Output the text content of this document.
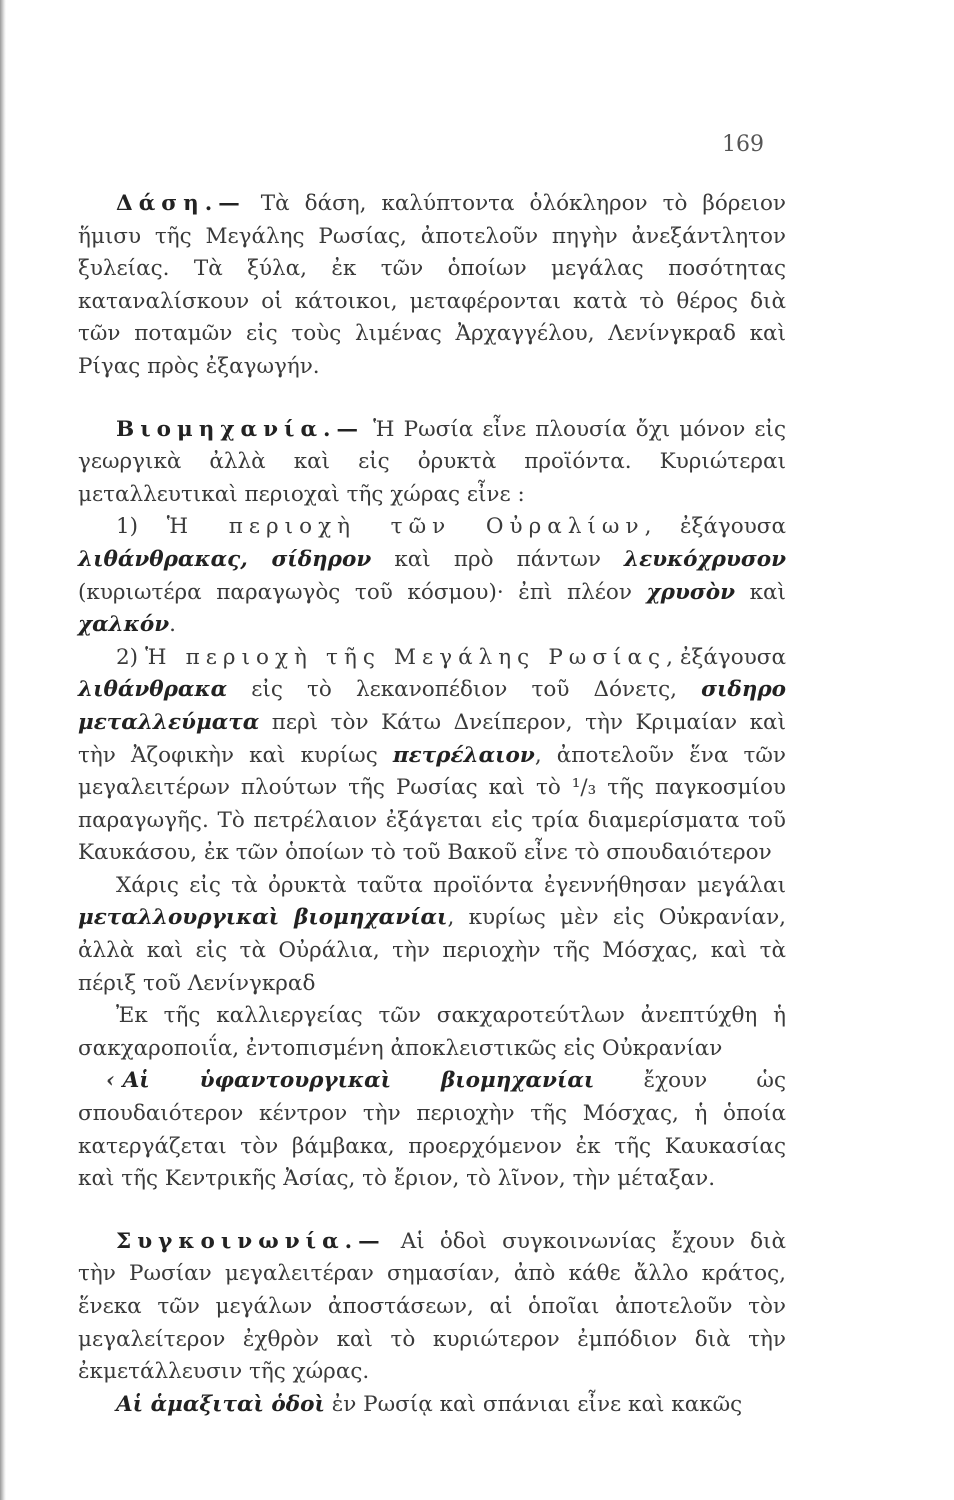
169

Δάση.— Τὰ δάση, καλύπτοντα ὁλόκληρον τὸ βόρειον ἥμισυ τῆς Μεγάλης Ρωσίας, ἀποτελοῦν πηγὴν ἀνεξάντλητον ξυλείας. Τὰ ξύλα, ἐκ τῶν ὁποίων μεγάλας ποσότητας καταναλίσκουν οἱ κάτοικοι, μεταφέρονται κατὰ τὸ θέρος διὰ τῶν ποταμῶν εἰς τοὺς λιμένας Ἀρχαγγέλου, Λενίνγκραδ καὶ Ρίγας πρὸς ἐξαγωγήν.

Βιομηχανία.— Ἡ Ρωσία εἶνε πλουσία ὄχι μόνον εἰς γεωργικὰ ἀλλὰ καὶ εἰς ὀρυκτὰ προϊόντα. Κυριώτεραι μεταλλευτικαὶ περιοχαὶ τῆς χώρας εἶνε :

1) Ἡ περιοχὴ τῶν Οὐραλίων, ἐξάγουσα λιθάνθρακας, σίδηρον καὶ πρὸ πάντων λευκόχρυσον (κυριωτέρα παραγωγὸς τοῦ κόσμου)· ἐπὶ πλέον χρυσὸν καὶ χαλκόν.

2) Ἡ περιοχὴ τῆς Μεγάλης Ρωσίας, ἐξάγουσα λιθάνθρακα εἰς τὸ λεκανοπέδιον τοῦ Δόνετς, σιδηρο μεταλλεύματα περὶ τὸν Κάτω Δνείπερον, τὴν Κριμαίαν καὶ τὴν Ἀζοφικὴν καὶ κυρίως πετρέλαιον, ἀποτελοῦν ἕνα τῶν μεγαλειτέρων πλούτων τῆς Ρωσίας καὶ τὸ ¹/₃ τῆς παγκοσμίου παραγωγῆς. Τὸ πετρέλαιον ἐξάγεται εἰς τρία διαμερίσματα τοῦ Καυκάσου, ἐκ τῶν ὁποίων τὸ τοῦ Βακοῦ εἶνε τὸ σπουδαιότερον

Χάρις εἰς τὰ ὀρυκτὰ ταῦτα προϊόντα ἐγεννήθησαν μεγάλαι μεταλλουργικαὶ βιομηχανίαι, κυρίως μὲν εἰς Οὐκρανίαν, ἀλλὰ καὶ εἰς τὰ Οὐράλια, τὴν περιοχὴν τῆς Μόσχας, καὶ τὰ πέριξ τοῦ Λενίνγκραδ

Ἐκ τῆς καλλιεργείας τῶν σακχαροτεύτλων ἀνεπτύχθη ἡ σακχαροποιΐα, ἐντοπισμένη ἀποκλειστικῶς εἰς Οὐκρανίαν

‹ Αἱ ὑφαντουργικαὶ βιομηχανίαι ἔχουν ὡς σπουδαιότερον κέντρον τὴν περιοχὴν τῆς Μόσχας, ἡ ὁποία κατεργάζεται τὸν βάμβακα, προερχόμενον ἐκ τῆς Καυκασίας καὶ τῆς Κεντρικῆς Ἀσίας, τὸ ἔριον, τὸ λῖνον, τὴν μέταξαν.

Συγκοινωνία.— Αἱ ὁδοὶ συγκοινωνίας ἔχουν διὰ τὴν Ρωσίαν μεγαλειτέραν σημασίαν, ἀπὸ κάθε ἄλλο κράτος, ἕνεκα τῶν μεγάλων ἀποστάσεων, αἱ ὁποῖαι ἀποτελοῦν τὸν μεγαλείτερον ἐχθρὸν καὶ τὸ κυριώτερον ἐμπόδιον διὰ τὴν ἐκμετάλλευσιν τῆς χώρας.

Αἱ ἁμαξιταὶ ὁδοὶ ἐν Ρωσίᾳ καὶ σπάνιαι εἶνε καὶ κακῶς
